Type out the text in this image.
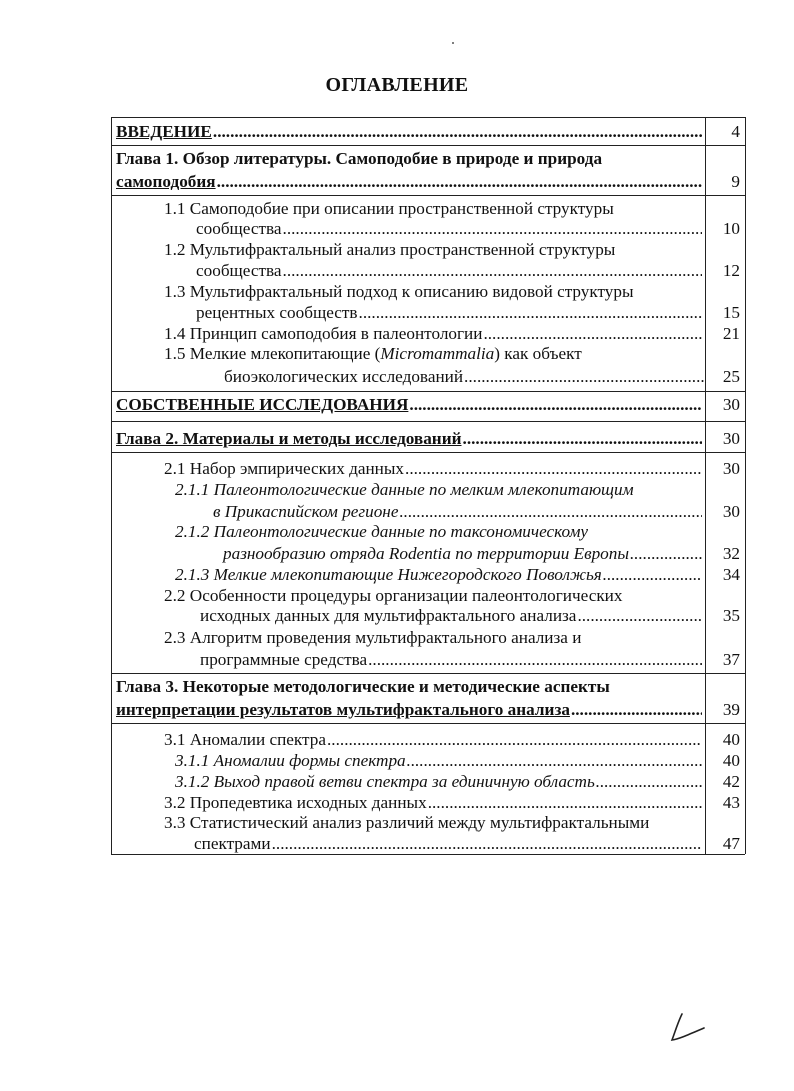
ОГЛАВЛЕНИЕ
ВВЕДЕНИЕ .....	4
Глава 1. Обзор литературы. Самоподобие в природе и природа
самоподобия .....	9
1.1 Самоподобие при описании пространственной структуры
сообщества .....	10
1.2 Мультифрактальный анализ пространственной структуры
сообщества .....	12
1.3 Мультифрактальный подход к описанию видовой структуры
рецентных сообществ .....	15
1.4 Принцип самоподобия в палеонтологии .....	21
1.5 Мелкие млекопитающие ( Micromammalia ) как объект
биоэкологических исследований .....	25
СОБСТВЕННЫЕ ИССЛЕДОВАНИЯ .....	30
Глава 2. Материалы и методы исследований .....	30
2.1 Набор эмпирических данных .....	30
2.1.1 Палеонтологические данные по мелким млекопитающим
в Прикаспийском регионе .....	30
2.1.2 Палеонтологические данные по таксономическому
разнообразию отряда Rodentia по территории Европы .....	32
2.1.3 Мелкие млекопитающие Нижегородского Поволжья .....	34
2.2 Особенности процедуры организации палеонтологических
исходных данных для мультифрактального анализа .....	35
2.3 Алгоритм проведения мультифрактального анализа и
программные средства .....	37
Глава 3. Некоторые методологические и методические аспекты
интерпретации результатов мультифрактального анализа .....	39
3.1 Аномалии спектра .....	40
3.1.1 Аномалии формы спектра .....	40
3.1.2 Выход правой ветви спектра за единичную область .....	42
3.2 Пропедевтика исходных данных .....	43
3.3 Статистический анализ различий между мультифрактальными
спектрами .....	47
